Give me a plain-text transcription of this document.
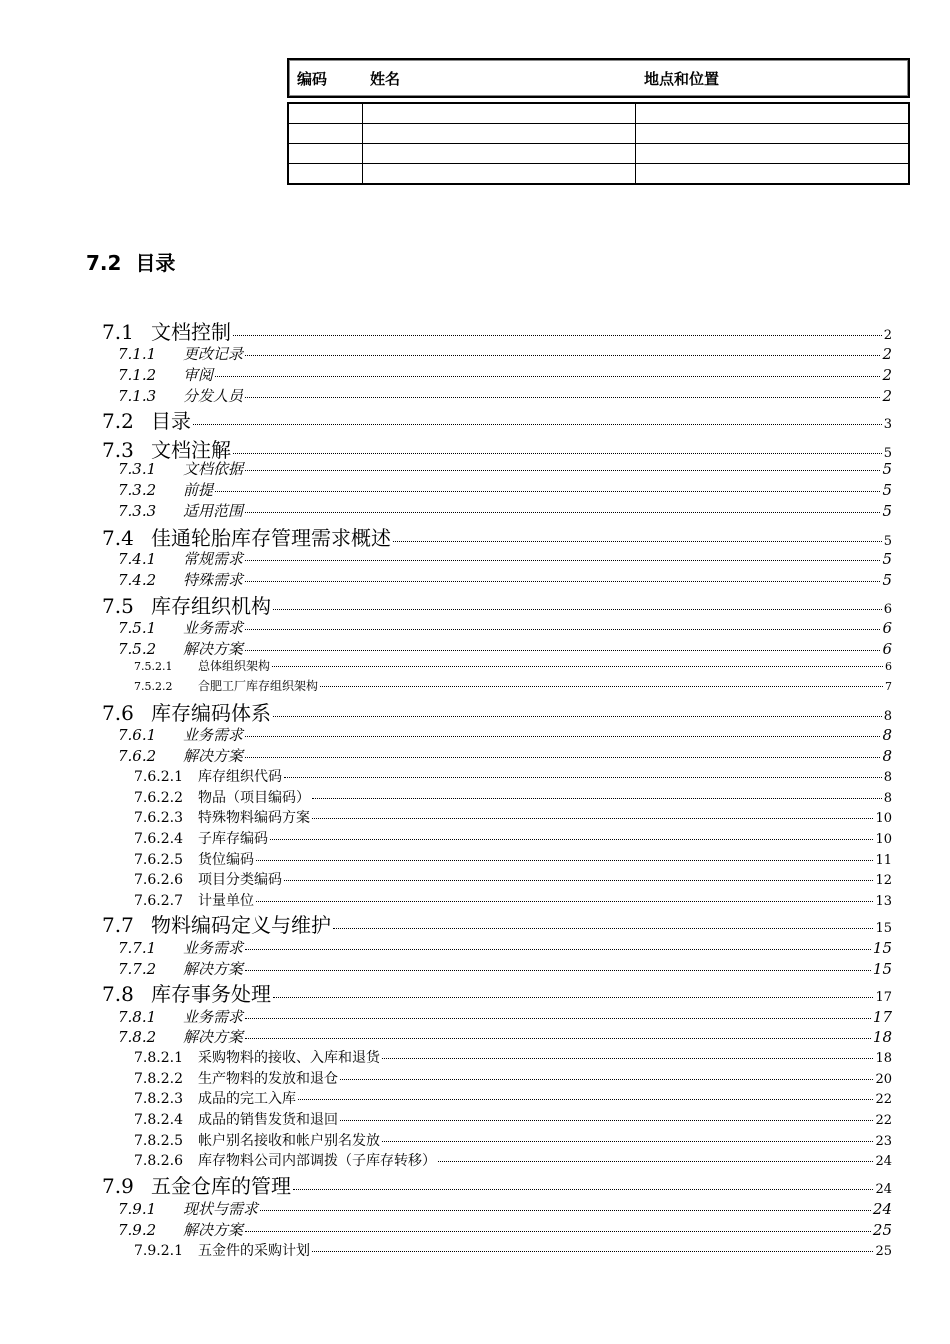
编码	姓名	地点和位置
7.2 目录
7.1 文档控制	2
7.1.1	更改记录	2
7.1.2	审阅	2
7.1.3	分发人员	2
7.2 目录	3
7.3 文档注解	5
7.3.1	文档依据	5
7.3.2	前提	5
7.3.3	适用范围	5
7.4 佳通轮胎库存管理需求概述	5
7.4.1	常规需求	5
7.4.2	特殊需求	5
7.5 库存组织机构	6
7.5.1	业务需求	6
7.5.2	解决方案	6
7.5.2.1	总体组织架构	6
7.5.2.2	合肥工厂库存组织架构	7
7.6 库存编码体系	8
7.6.1	业务需求	8
7.6.2	解决方案	8
7.6.2.1	库存组织代码	8
7.6.2.2	物品（项目编码）	8
7.6.2.3	特殊物料编码方案	10
7.6.2.4	子库存编码	10
7.6.2.5	货位编码	11
7.6.2.6	项目分类编码	12
7.6.2.7	计量单位	13
7.7 物料编码定义与维护	15
7.7.1	业务需求	15
7.7.2	解决方案	15
7.8 库存事务处理	17
7.8.1	业务需求	17
7.8.2	解决方案	18
7.8.2.1	采购物料的接收、入库和退货	18
7.8.2.2	生产物料的发放和退仓	20
7.8.2.3	成品的完工入库	22
7.8.2.4	成品的销售发货和退回	22
7.8.2.5	帐户别名接收和帐户别名发放	23
7.8.2.6	库存物料公司内部调拨（子库存转移）	24
7.9 五金仓库的管理	24
7.9.1	现状与需求	24
7.9.2	解决方案	25
7.9.2.1	五金件的采购计划	25
